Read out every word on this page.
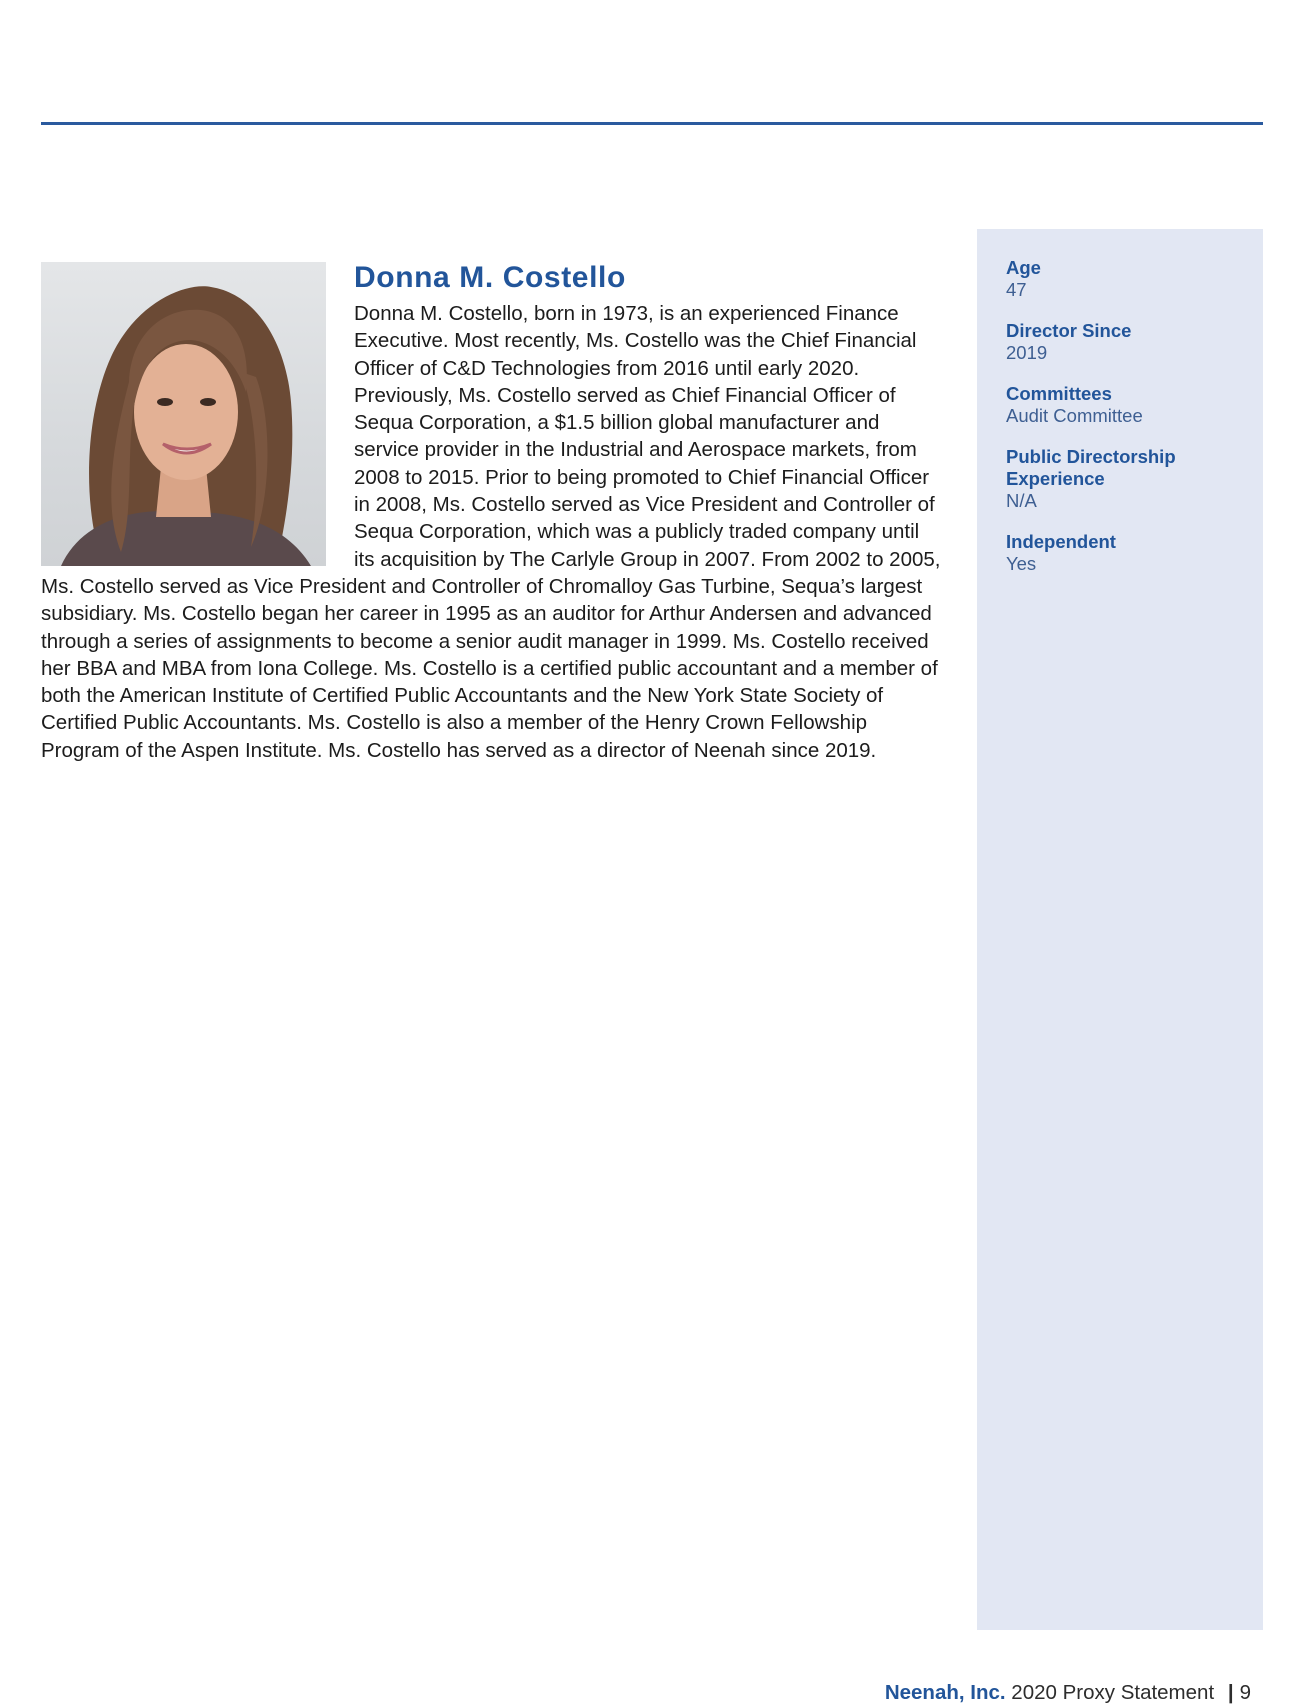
Donna M. Costello

Donna M. Costello, born in 1973, is an experienced Finance Executive. Most recently, Ms. Costello was the Chief Financial Officer of C&D Technologies from 2016 until early 2020. Previously, Ms. Costello served as Chief Financial Officer of Sequa Corporation, a $1.5 billion global manufacturer and service provider in the Industrial and Aerospace markets, from 2008 to 2015. Prior to being promoted to Chief Financial Officer in 2008, Ms. Costello served as Vice President and Controller of Sequa Corporation, which was a publicly traded company until its acquisition by The Carlyle Group in 2007. From 2002 to 2005, Ms. Costello served as Vice President and Controller of Chromalloy Gas Turbine, Sequa’s largest subsidiary. Ms. Costello began her career in 1995 as an auditor for Arthur Andersen and advanced through a series of assignments to become a senior audit manager in 1999. Ms. Costello received her BBA and MBA from Iona College. Ms. Costello is a certified public accountant and a member of both the American Institute of Certified Public Accountants and the New York State Society of Certified Public Accountants. Ms. Costello is also a member of the Henry Crown Fellowship Program of the Aspen Institute. Ms. Costello has served as a director of Neenah since 2019.

Age
47
Director Since
2019
Committees
Audit Committee
Public Directorship Experience
N/A
Independent
Yes
Neenah, Inc. 2020 Proxy Statement | 9
